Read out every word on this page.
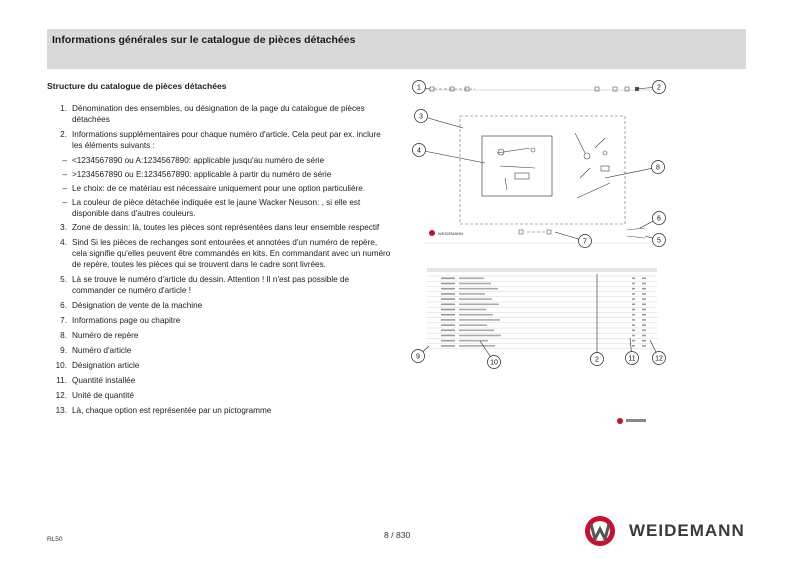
Informations générales sur le catalogue de pièces détachées
Structure du catalogue de pièces détachées
1. Dénomination des ensembles, ou désignation de la page du catalogue de pièces détachées
2. Informations supplémentaires pour chaque numéro d'article. Cela peut par ex. inclure les éléments suivants :
– <1234567890 ou A:1234567890: applicable jusqu'au numéro de série
– >1234567890 ou E:1234567890: applicable à partir du numéro de série
– Le choix: de ce matériau est nécessaire uniquement pour une option particulière.
– La couleur de pièce détachée indiquée est le jaune Wacker Neuson: , si elle est disponible dans d'autres couleurs.
3. Zone de dessin: là, toutes les pièces sont représentées dans leur ensemble respectif
4. Sind Si les pièces de rechanges sont entourées et annotées d'un numéro de repère, cela signifie qu'elles peuvent être commandés en kits. En commandant avec un numéro de repère, toutes les pièces qui se trouvent dans le cadre sont livrées.
5. Là se trouve le numéro d'article du dessin. Attention ! Il n'est pas possible de commander ce numéro d'article !
6. Désignation de vente de la machine
7. Informations page ou chapitre
8. Numéro de repère
9. Numéro d'article
10. Désignation article
11. Quantité installée
12. Unité de quantité
13. Là, chaque option est représentée par un pictogramme
WEIDEMANN
·
1	2
3
4
5
6
7
8
9
10	2	11	12
RL50	8 / 830	WEIDEMANN
